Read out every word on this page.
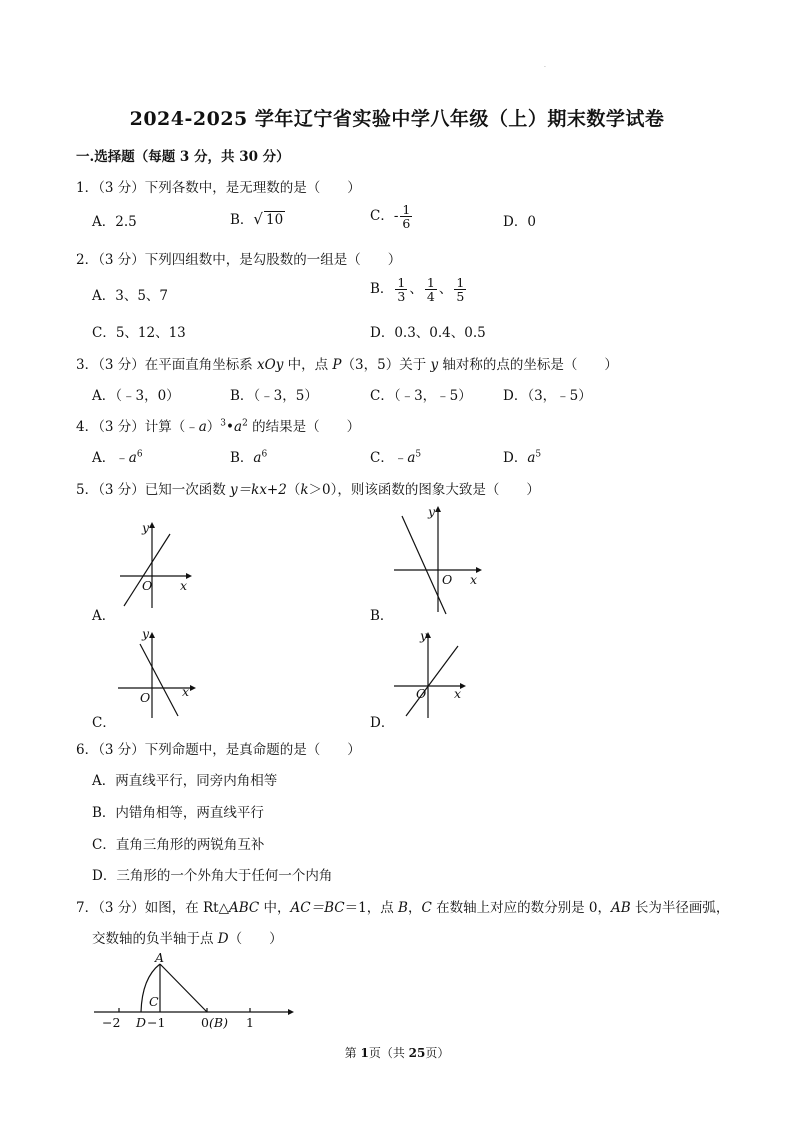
.
2024-2025 学年辽宁省实验中学八年级（上）期末数学试卷
一.选择题（每题 3 分，共 30 分）
1．（3 分）下列各数中，是无理数的是（　　）
A．2.5	B．√ 10	C．- $\frac{1}{6}$	D．0
2．（3 分）下列四组数中，是勾股数的一组是（　　）
A．3、5、7	B． $\frac{1}{3}$ 、 $\frac{1}{4}$ 、 $\frac{1}{5}$
C．5、12、13	D．0.3、0.4、0.5
3．（3 分）在平面直角坐标系 xOy 中，点 P（3，5）关于 y 轴对称的点的坐标是（　　）
A．（﹣3，0）	B．（﹣3，5）	C．（﹣3，﹣5） D．（3，﹣5）
4．（3 分）计算$(﹣a)^3•a^2$ 的结果是（　　）
A．$﹣a^6$	B．$a^6$	C．$﹣a^5$	D．$a^5$
5．（3 分）已知一次函数 y＝kx+2（k＞0），则该函数的图象大致是（　　）
y
x
O
A．
y
x
O
B．
y
x
O
C．
y
x
O
D．
6．（3 分）下列命题中，是真命题的是（　　）
A．两直线平行，同旁内角相等
B．内错角相等，两直线平行
C．直角三角形的两锐角互补
D．三角形的一个外角大于任何一个内角
7．（3 分）如图，在 Rt△ABC 中，AC＝BC＝1，点 B，C 在数轴上对应的数分别是 0，AB 长为半径画弧，
交数轴的负半轴于点 D（　　）
A
C
−2 D −1	0 (B) 1
第 1页（共 25页）
